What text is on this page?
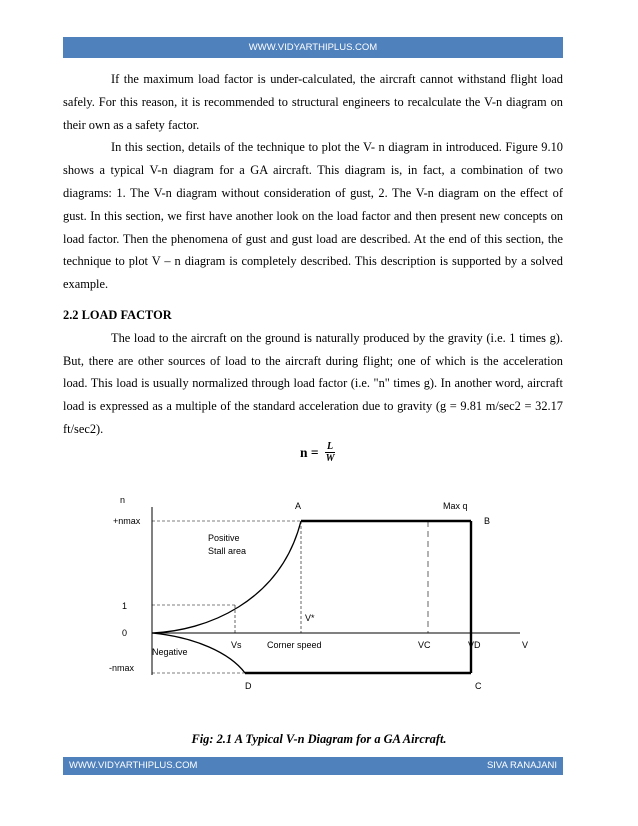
WWW.VIDYARTHIPLUS.COM

If the maximum load factor is under-calculated, the aircraft cannot withstand flight load safely. For this reason, it is recommended to structural engineers to recalculate the V-n diagram on their own as a safety factor.

In this section, details of the technique to plot the V- n diagram in introduced. Figure 9.10 shows a typical V-n diagram for a GA aircraft. This diagram is, in fact, a combination of two diagrams: 1. The V-n diagram without consideration of gust, 2. The V-n diagram on the effect of gust. In this section, we first have another look on the load factor and then present new concepts on load factor. Then the phenomena of gust and gust load are described. At the end of this section, the technique to plot V – n diagram is completely described. This description is supported by a solved example.

2.2 LOAD FACTOR

The load to the aircraft on the ground is naturally produced by the gravity (i.e. 1 times g). But, there are other sources of load to the aircraft during flight; one of which is the acceleration load. This load is usually normalized through load factor (i.e. "n" times g). In another word, aircraft load is expressed as a multiple of the standard acceleration due to gravity (g = 9.81 m/sec2 = 32.17 ft/sec2).

$n = \frac{L}{W}$
n
+nmax
1
0
-nmax
A	Max q
B
Positive
Stall area
V*
Vs	Corner speed	VC	VD	V
Negative
D	C
Fig: 2.1 A Typical V-n Diagram for a GA Aircraft.
WWW.VIDYARTHIPLUS.COM	SIVA RANAJANI
